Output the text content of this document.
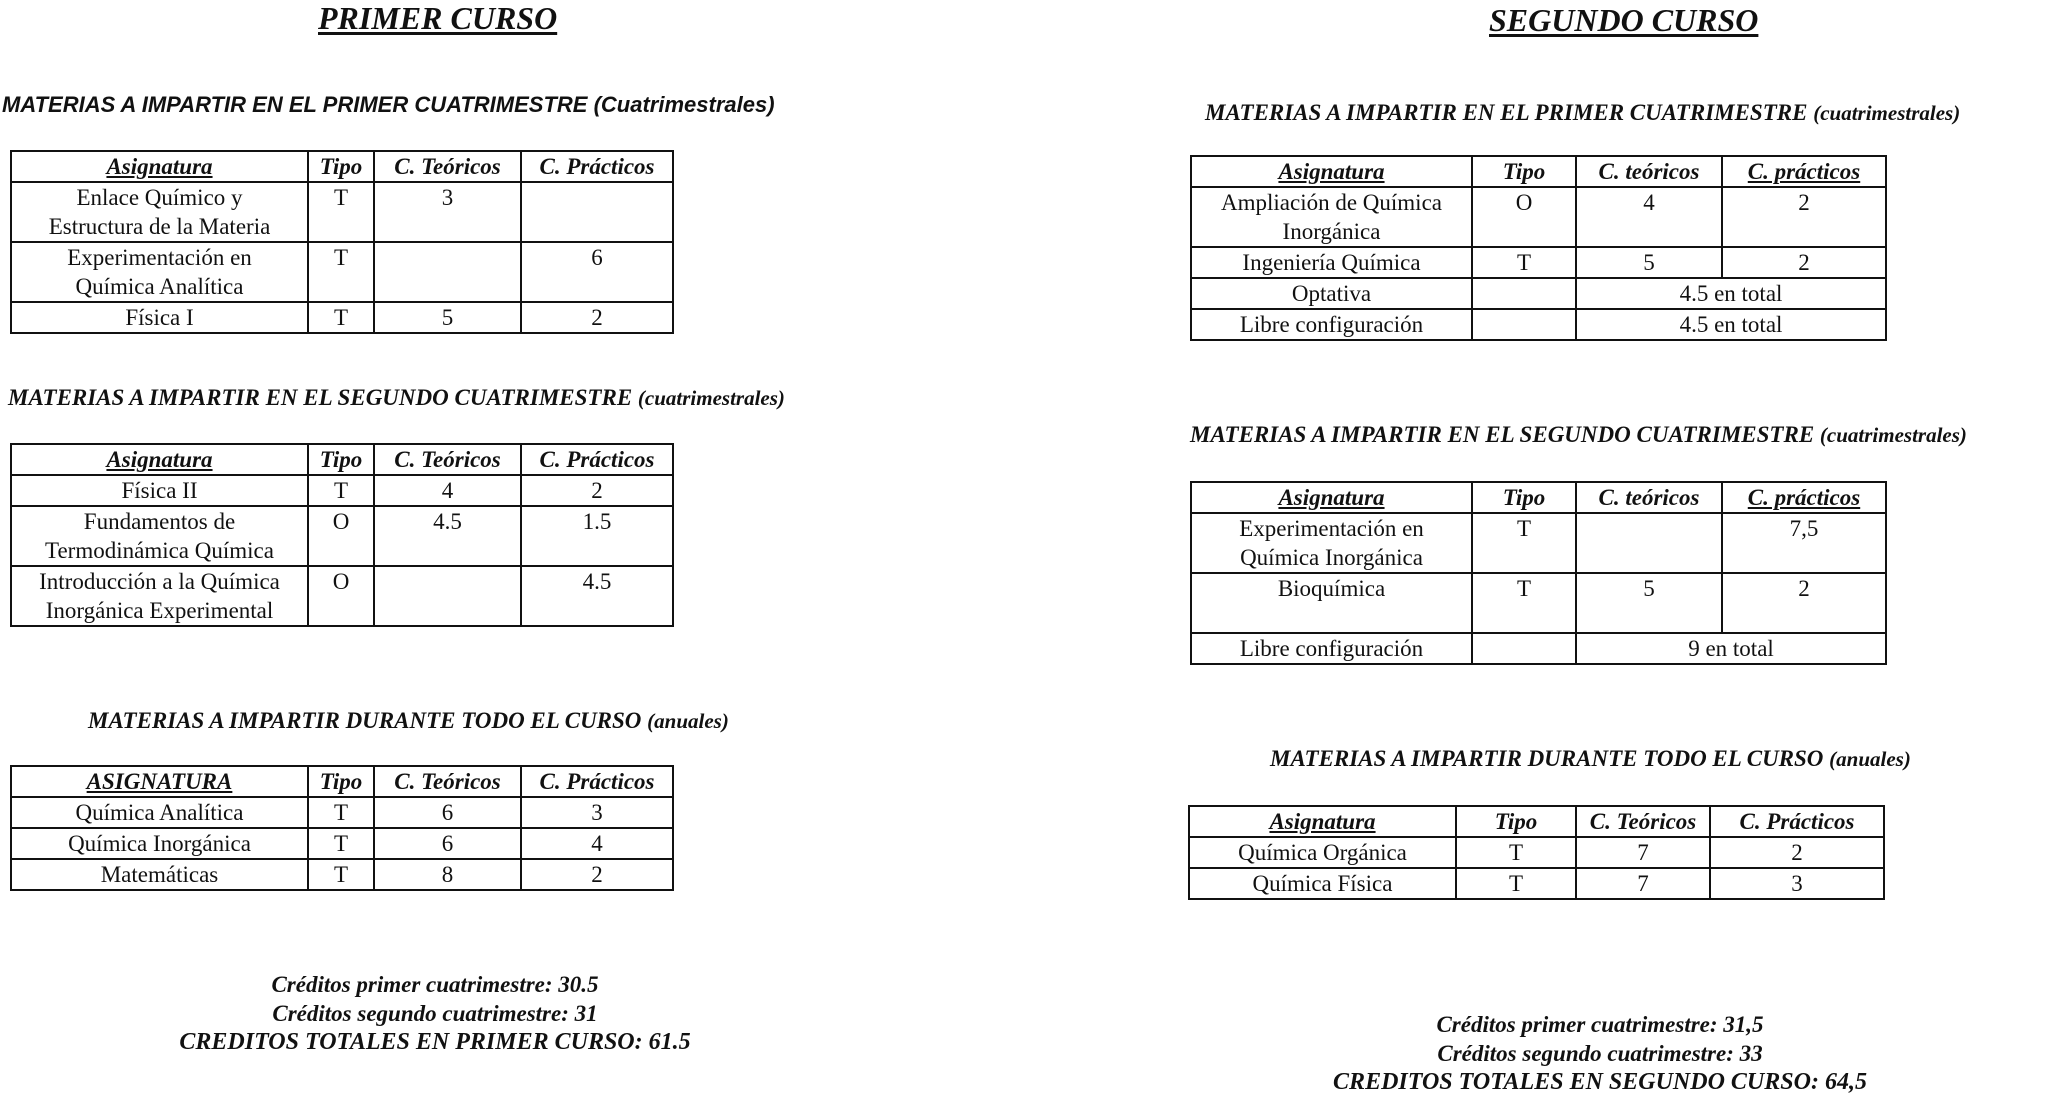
PRIMER CURSO
MATERIAS A IMPARTIR EN EL PRIMER CUATRIMESTRE (Cuatrimestrales)
Asignatura	Tipo	C. Teóricos	C. Prácticos
Enlace Químico y
Estructura de la Materia	T	3	
Experimentación en
Química Analítica	T		6
Física I	T	5	2
MATERIAS A IMPARTIR EN EL SEGUNDO CUATRIMESTRE (cuatrimestrales)
Asignatura	Tipo	C. Teóricos	C. Prácticos
Física II	T	4	2
Fundamentos de
Termodinámica Química	O	4.5	1.5
Introducción a la Química
Inorgánica Experimental	O		4.5
MATERIAS A IMPARTIR DURANTE TODO EL CURSO (anuales)
ASIGNATURA	Tipo	C. Teóricos	C. Prácticos
Química Analítica	T	6	3
Química Inorgánica	T	6	4
Matemáticas	T	8	2
Créditos primer cuatrimestre: 30.5
Créditos segundo cuatrimestre: 31
CREDITOS TOTALES EN PRIMER CURSO: 61.5
SEGUNDO CURSO
MATERIAS A IMPARTIR EN EL PRIMER CUATRIMESTRE (cuatrimestrales)
Asignatura	Tipo	C. teóricos	C. prácticos
Ampliación de Química
Inorgánica	O	4	2
Ingeniería Química	T	5	2
Optativa		4.5 en total	
Libre configuración		4.5 en total	
MATERIAS A IMPARTIR EN EL SEGUNDO CUATRIMESTRE (cuatrimestrales)
Asignatura	Tipo	C. teóricos	C. prácticos
Experimentación en
Química Inorgánica	T		7,5
Bioquímica	T	5	2
Libre configuración		9 en total	
MATERIAS A IMPARTIR DURANTE TODO EL CURSO (anuales)
Asignatura	Tipo	C. Teóricos	C. Prácticos
Química Orgánica	T	7	2
Química Física	T	7	3
Créditos primer cuatrimestre: 31,5
Créditos segundo cuatrimestre: 33
CREDITOS TOTALES EN SEGUNDO CURSO: 64,5
